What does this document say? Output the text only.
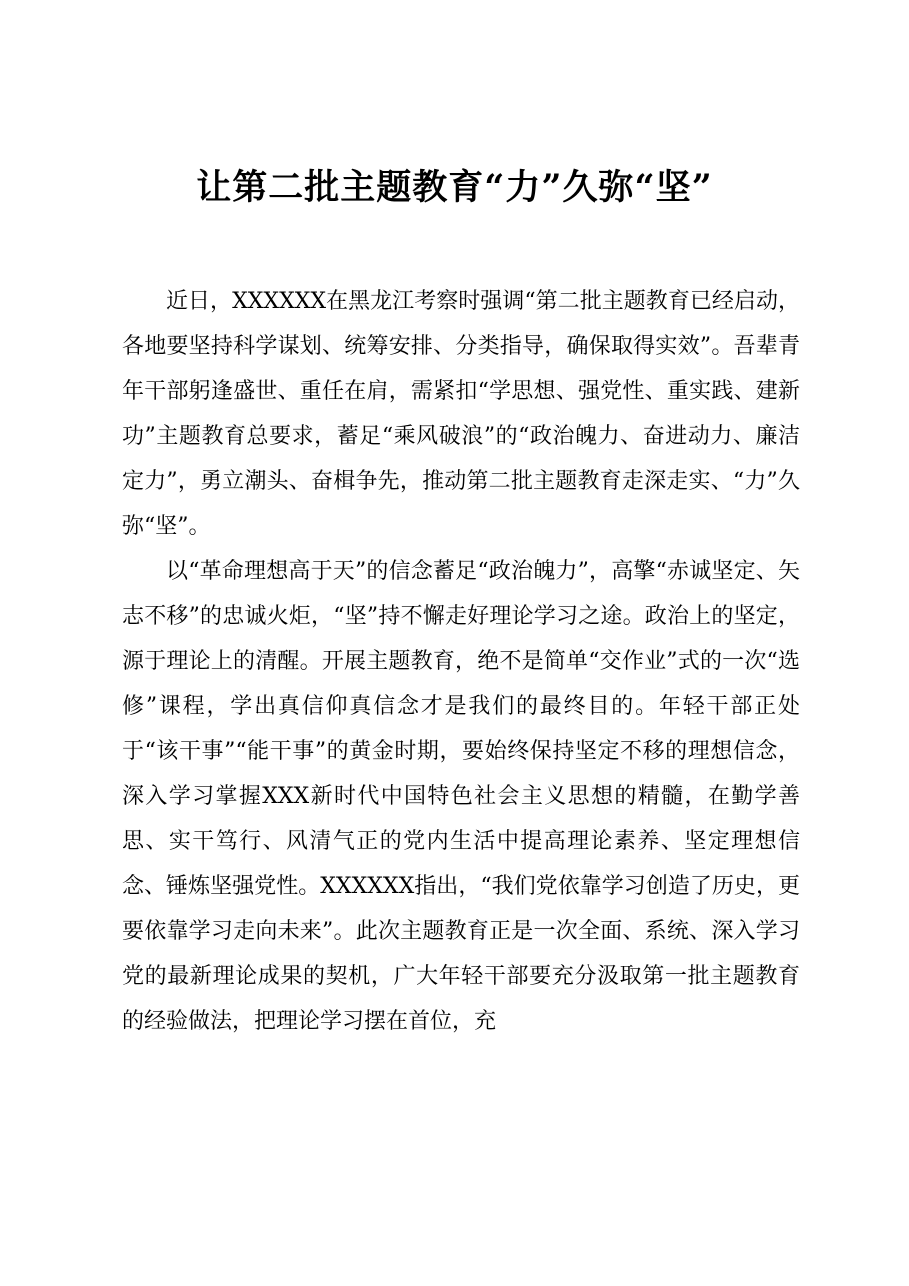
让第二批主题教育“力”久弥“坚”

近日，XXXXXX在黑龙江考察时强调“第二批主题教育已经启动，各地要坚持科学谋划、统筹安排、分类指导，确保取得实效”。吾辈青年干部躬逢盛世、重任在肩，需紧扣“学思想、强党性、重实践、建新功”主题教育总要求，蓄足“乘风破浪”的“政治魄力、奋进动力、廉洁定力”，勇立潮头、奋楫争先，推动第二批主题教育走深走实、“力”久弥“坚”。

以“革命理想高于天”的信念蓄足“政治魄力”，高擎“赤诚坚定、矢志不移”的忠诚火炬，“坚”持不懈走好理论学习之途。政治上的坚定，源于理论上的清醒。开展主题教育，绝不是简单“交作业”式的一次“选修”课程，学出真信仰真信念才是我们的最终目的。年轻干部正处于“该干事”“能干事”的黄金时期，要始终保持坚定不移的理想信念，深入学习掌握XXX新时代中国特色社会主义思想的精髓，在勤学善思、实干笃行、风清气正的党内生活中提高理论素养、坚定理想信念、锤炼坚强党性。XXXXXX指出，“我们党依靠学习创造了历史，更要依靠学习走向未来”。此次主题教育正是一次全面、系统、深入学习党的最新理论成果的契机，广大年轻干部要充分汲取第一批主题教育的经验做法，把理论学习摆在首位，充
